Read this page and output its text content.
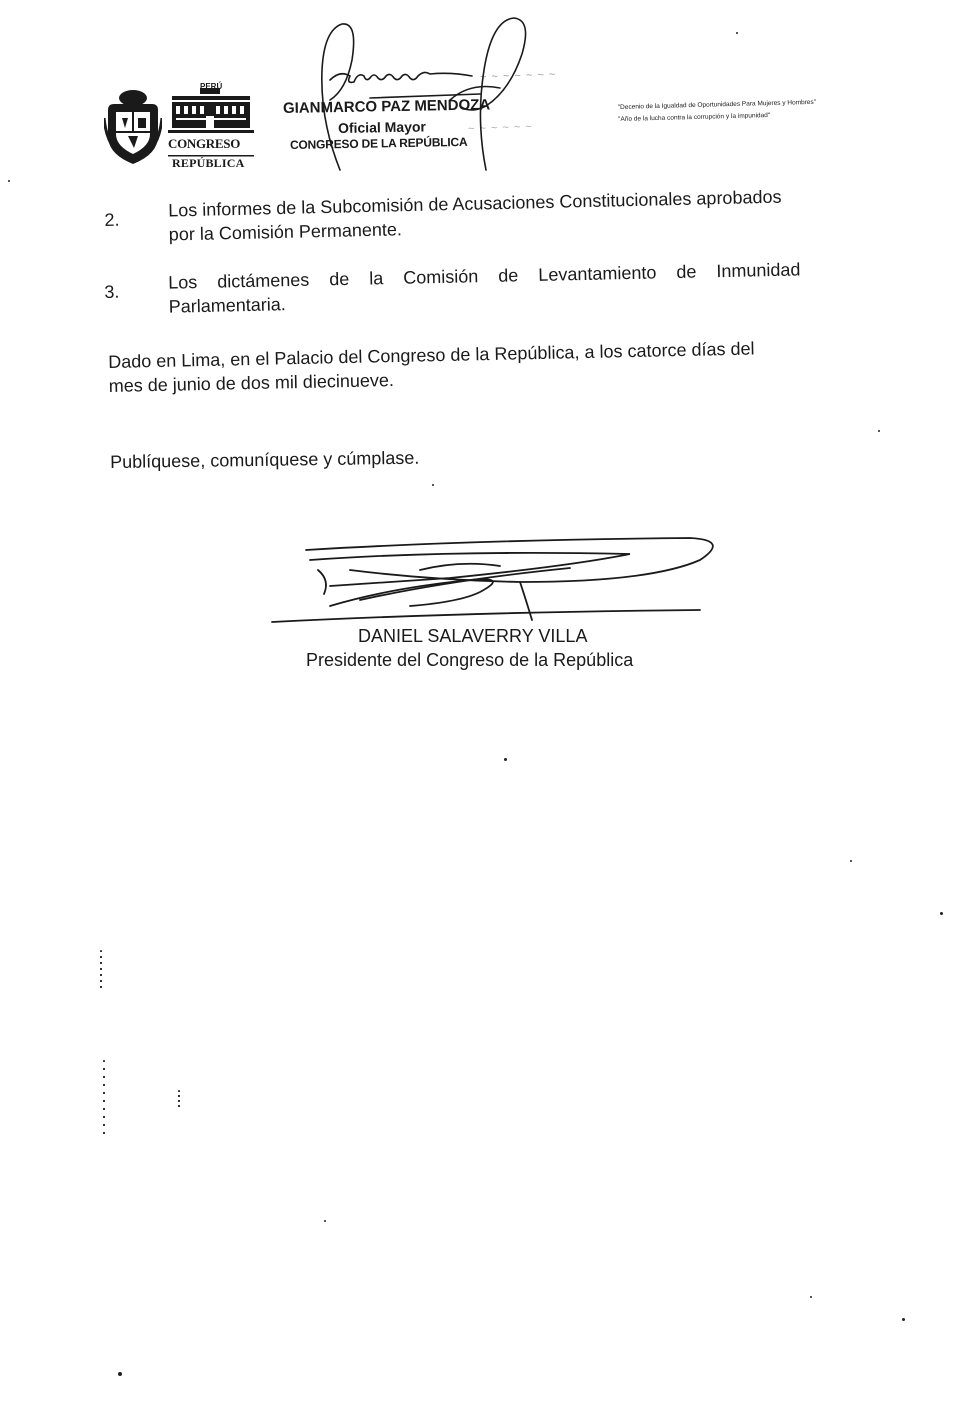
PERÚ
CONGRESO
REPÚBLICA
~ ~ ~ ~ ~ ~ ~
~ ~ ~ ~ ~ ~
GIANMARCO PAZ MENDOZA
Oficial Mayor
CONGRESO DE LA REPÚBLICA
"Decenio de la Igualdad de Oportunidades Para Mujeres y Hombres"
"Año de la lucha contra la corrupción y la impunidad"
2.	Los informes de la Subcomisión de Acusaciones Constitucionales aprobados
por la Comisión Permanente.
3.	Los dictámenes de la Comisión de Levantamiento de Inmunidad
Parlamentaria.
Dado en Lima, en el Palacio del Congreso de la República, a los catorce días del
mes de junio de dos mil diecinueve.
Publíquese, comuníquese y cúmplase.
DANIEL SALAVERRY VILLA
Presidente del Congreso de la República
